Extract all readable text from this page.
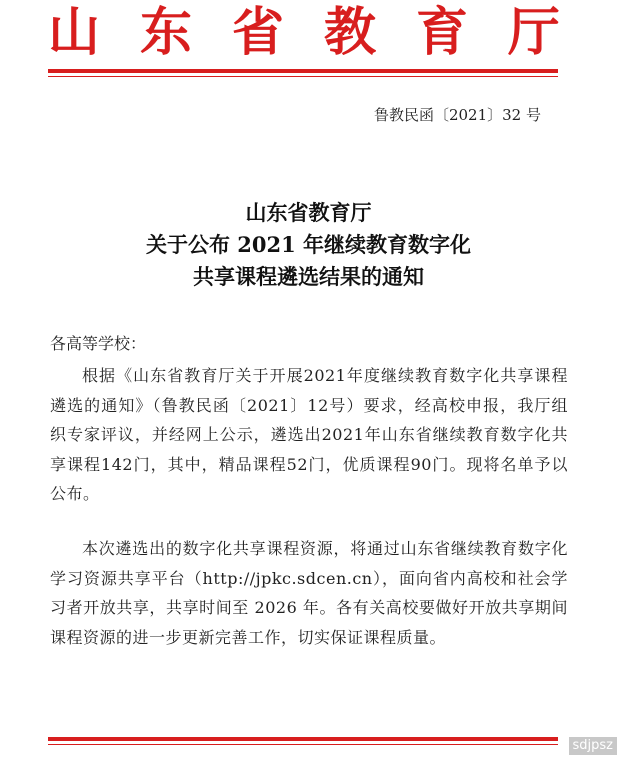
山 东 省 教 育 厅
鲁教民函〔2021〕32 号
山东省教育厅
关于公布 2021 年继续教育数字化
共享课程遴选结果的通知
各高等学校：
根据《山东省教育厅关于开展2021年度继续教育数字化共享课程遴选的通知》（鲁教民函〔2021〕12号）要求，经高校申报，我厅组织专家评议，并经网上公示，遴选出2021年山东省继续教育数字化共享课程142门，其中，精品课程52门，优质课程90门。现将名单予以公布。
本次遴选出的数字化共享课程资源，将通过山东省继续教育数字化学习资源共享平台（http://jpkc.sdcen.cn），面向省内高校和社会学习者开放共享，共享时间至 2026 年。各有关高校要做好开放共享期间课程资源的进一步更新完善工作，切实保证课程质量。
sdjpsz
